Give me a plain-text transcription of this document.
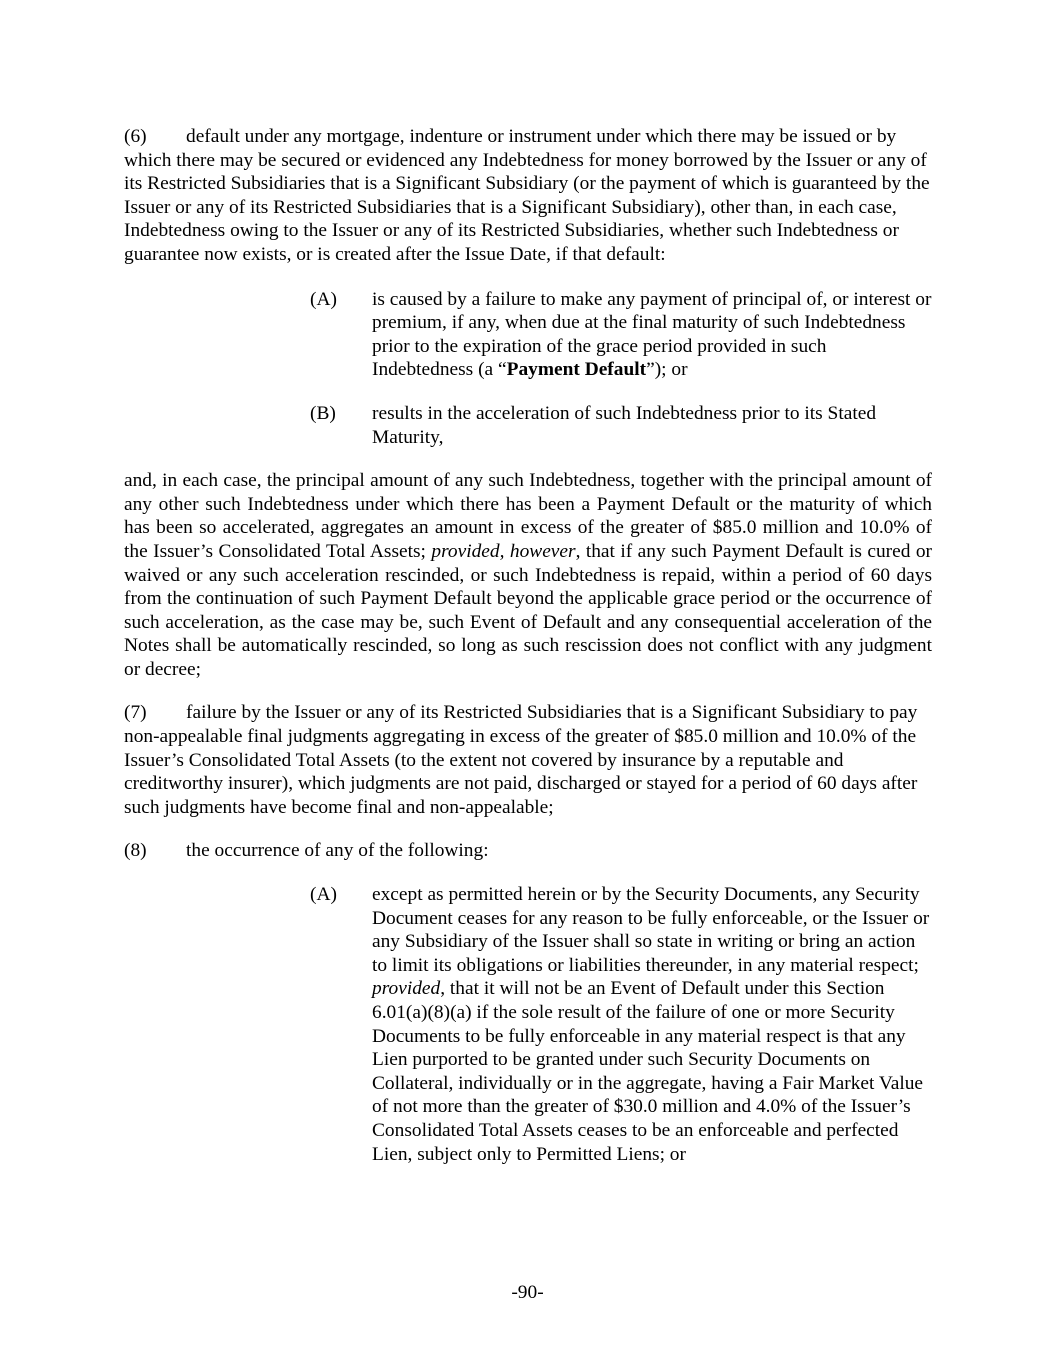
(6) default under any mortgage, indenture or instrument under which there may be issued or by which there may be secured or evidenced any Indebtedness for money borrowed by the Issuer or any of its Restricted Subsidiaries that is a Significant Subsidiary (or the payment of which is guaranteed by the Issuer or any of its Restricted Subsidiaries that is a Significant Subsidiary), other than, in each case, Indebtedness owing to the Issuer or any of its Restricted Subsidiaries, whether such Indebtedness or guarantee now exists, or is created after the Issue Date, if that default:

(A) is caused by a failure to make any payment of principal of, or interest or premium, if any, when due at the final maturity of such Indebtedness prior to the expiration of the grace period provided in such Indebtedness (a “Payment Default”); or
(B) results in the acceleration of such Indebtedness prior to its Stated Maturity,

and, in each case, the principal amount of any such Indebtedness, together with the principal amount of any other such Indebtedness under which there has been a Payment Default or the maturity of which has been so accelerated, aggregates an amount in excess of the greater of $85.0 million and 10.0% of the Issuer’s Consolidated Total Assets; provided, however, that if any such Payment Default is cured or waived or any such acceleration rescinded, or such Indebtedness is repaid, within a period of 60 days from the continuation of such Payment Default beyond the applicable grace period or the occurrence of such acceleration, as the case may be, such Event of Default and any consequential acceleration of the Notes shall be automatically rescinded, so long as such rescission does not conflict with any judgment or decree;

(7) failure by the Issuer or any of its Restricted Subsidiaries that is a Significant Subsidiary to pay non-appealable final judgments aggregating in excess of the greater of $85.0 million and 10.0% of the Issuer’s Consolidated Total Assets (to the extent not covered by insurance by a reputable and creditworthy insurer), which judgments are not paid, discharged or stayed for a period of 60 days after such judgments have become final and non-appealable;

(8) the occurrence of any of the following:

(A) except as permitted herein or by the Security Documents, any Security Document ceases for any reason to be fully enforceable, or the Issuer or any Subsidiary of the Issuer shall so state in writing or bring an action to limit its obligations or liabilities thereunder, in any material respect; provided, that it will not be an Event of Default under this Section 6.01(a)(8)(a) if the sole result of the failure of one or more Security Documents to be fully enforceable in any material respect is that any Lien purported to be granted under such Security Documents on Collateral, individually or in the aggregate, having a Fair Market Value of not more than the greater of $30.0 million and 4.0% of the Issuer’s Consolidated Total Assets ceases to be an enforceable and perfected Lien, subject only to Permitted Liens; or
-90-
